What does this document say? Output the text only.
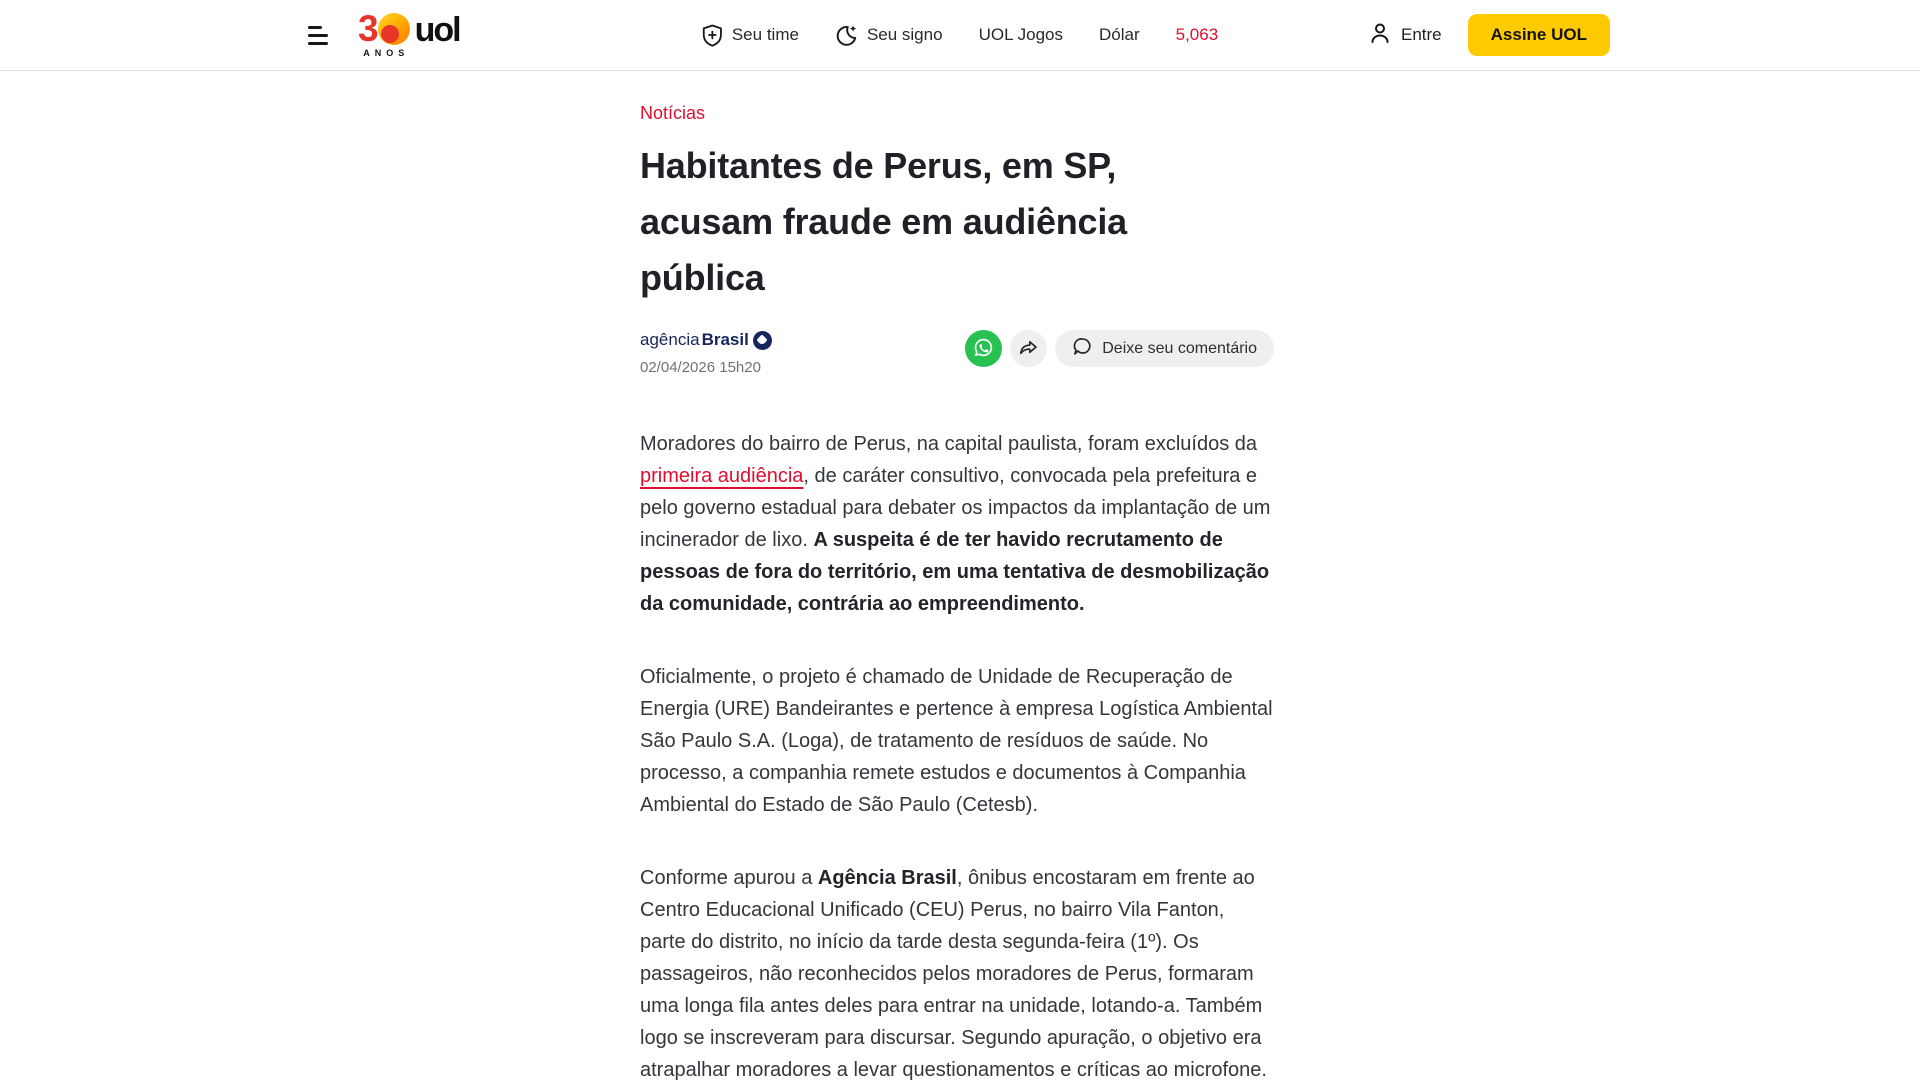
3
ANOS
uol	Seu time	Seu signo UOL Jogos Dólar 5,063	Entre	Assine UOL
Notícias
Habitantes de Perus, em SP,
acusam fraude em audiência
pública
agência Brasil
02/04/2026 15h20
Deixe seu comentário

Moradores do bairro de Perus, na capital paulista, foram excluídos da primeira audiência, de caráter consultivo, convocada pela prefeitura e pelo governo estadual para debater os impactos da implantação de um incinerador de lixo. A suspeita é de ter havido recrutamento de pessoas de fora do território, em uma tentativa de desmobilização da comunidade, contrária ao empreendimento.

Oficialmente, o projeto é chamado de Unidade de Recuperação de Energia (URE) Bandeirantes e pertence à empresa Logística Ambiental São Paulo S.A. (Loga), de tratamento de resíduos de saúde. No processo, a companhia remete estudos e documentos à Companhia Ambiental do Estado de São Paulo (Cetesb).

Conforme apurou a Agência Brasil, ônibus encostaram em frente ao Centro Educacional Unificado (CEU) Perus, no bairro Vila Fanton, parte do distrito, no início da tarde desta segunda-feira (1º). Os passageiros, não reconhecidos pelos moradores de Perus, formaram uma longa fila antes deles para entrar na unidade, lotando-a. Também logo se inscreveram para discursar. Segundo apuração, o objetivo era atrapalhar moradores a levar questionamentos e críticas ao microfone.
